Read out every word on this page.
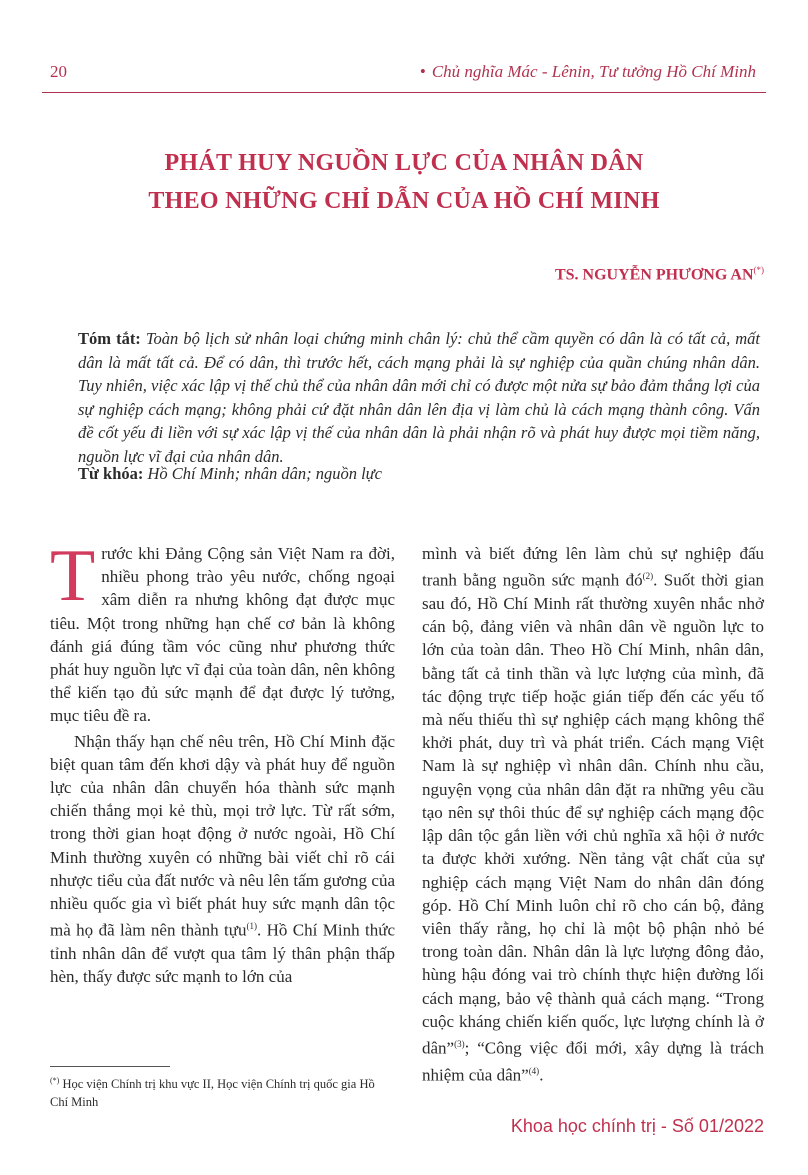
20	• Chủ nghĩa Mác - Lênin, Tư tưởng Hồ Chí Minh
PHÁT HUY NGUỒN LỰC CỦA NHÂN DÂN
THEO NHỮNG CHỈ DẪN CỦA HỒ CHÍ MINH
TS. NGUYỄN PHƯƠNG AN(*)
Tóm tắt: Toàn bộ lịch sử nhân loại chứng minh chân lý: chủ thể cầm quyền có dân là có tất cả, mất dân là mất tất cả. Để có dân, thì trước hết, cách mạng phải là sự nghiệp của quần chúng nhân dân. Tuy nhiên, việc xác lập vị thế chủ thể của nhân dân mới chỉ có được một nửa sự bảo đảm thắng lợi của sự nghiệp cách mạng; không phải cứ đặt nhân dân lên địa vị làm chủ là cách mạng thành công. Vấn đề cốt yếu đi liền với sự xác lập vị thế của nhân dân là phải nhận rõ và phát huy được mọi tiềm năng, nguồn lực vĩ đại của nhân dân.
Từ khóa: Hồ Chí Minh; nhân dân; nguồn lực

Trước khi Đảng Cộng sản Việt Nam ra đời, nhiều phong trào yêu nước, chống ngoại xâm diễn ra nhưng không đạt được mục tiêu. Một trong những hạn chế cơ bản là không đánh giá đúng tầm vóc cũng như phương thức phát huy nguồn lực vĩ đại của toàn dân, nên không thể kiến tạo đủ sức mạnh để đạt được lý tưởng, mục tiêu đề ra.

Nhận thấy hạn chế nêu trên, Hồ Chí Minh đặc biệt quan tâm đến khơi dậy và phát huy để nguồn lực của nhân dân chuyển hóa thành sức mạnh chiến thắng mọi kẻ thù, mọi trở lực. Từ rất sớm, trong thời gian hoạt động ở nước ngoài, Hồ Chí Minh thường xuyên có những bài viết chỉ rõ cái nhược tiểu của đất nước và nêu lên tấm gương của nhiều quốc gia vì biết phát huy sức mạnh dân tộc mà họ đã làm nên thành tựu$^{(1)}$. Hồ Chí Minh thức tỉnh nhân dân để vượt qua tâm lý thân phận thấp hèn, thấy được sức mạnh to lớn của

mình và biết đứng lên làm chủ sự nghiệp đấu tranh bằng nguồn sức mạnh đó$^{(2)}$. Suốt thời gian sau đó, Hồ Chí Minh rất thường xuyên nhắc nhở cán bộ, đảng viên và nhân dân về nguồn lực to lớn của toàn dân. Theo Hồ Chí Minh, nhân dân, bằng tất cả tinh thần và lực lượng của mình, đã tác động trực tiếp hoặc gián tiếp đến các yếu tố mà nếu thiếu thì sự nghiệp cách mạng không thể khởi phát, duy trì và phát triển. Cách mạng Việt Nam là sự nghiệp vì nhân dân. Chính nhu cầu, nguyện vọng của nhân dân đặt ra những yêu cầu tạo nên sự thôi thúc để sự nghiệp cách mạng độc lập dân tộc gắn liền với chủ nghĩa xã hội ở nước ta được khởi xướng. Nền tảng vật chất của sự nghiệp cách mạng Việt Nam do nhân dân đóng góp. Hồ Chí Minh luôn chỉ rõ cho cán bộ, đảng viên thấy rằng, họ chỉ là một bộ phận nhỏ bé trong toàn dân. Nhân dân là lực lượng đông đảo, hùng hậu đóng vai trò chính thực hiện đường lối cách mạng, bảo vệ thành quả cách mạng. “Trong cuộc kháng chiến kiến quốc, lực lượng chính là ở dân”$^{(3)}$; “Công việc đổi mới, xây dựng là trách nhiệm của dân”$^{(4)}$.

(*) Học viện Chính trị khu vực II, Học viện Chính trị quốc gia Hồ Chí Minh
Khoa học chính trị - Số 01/2022
